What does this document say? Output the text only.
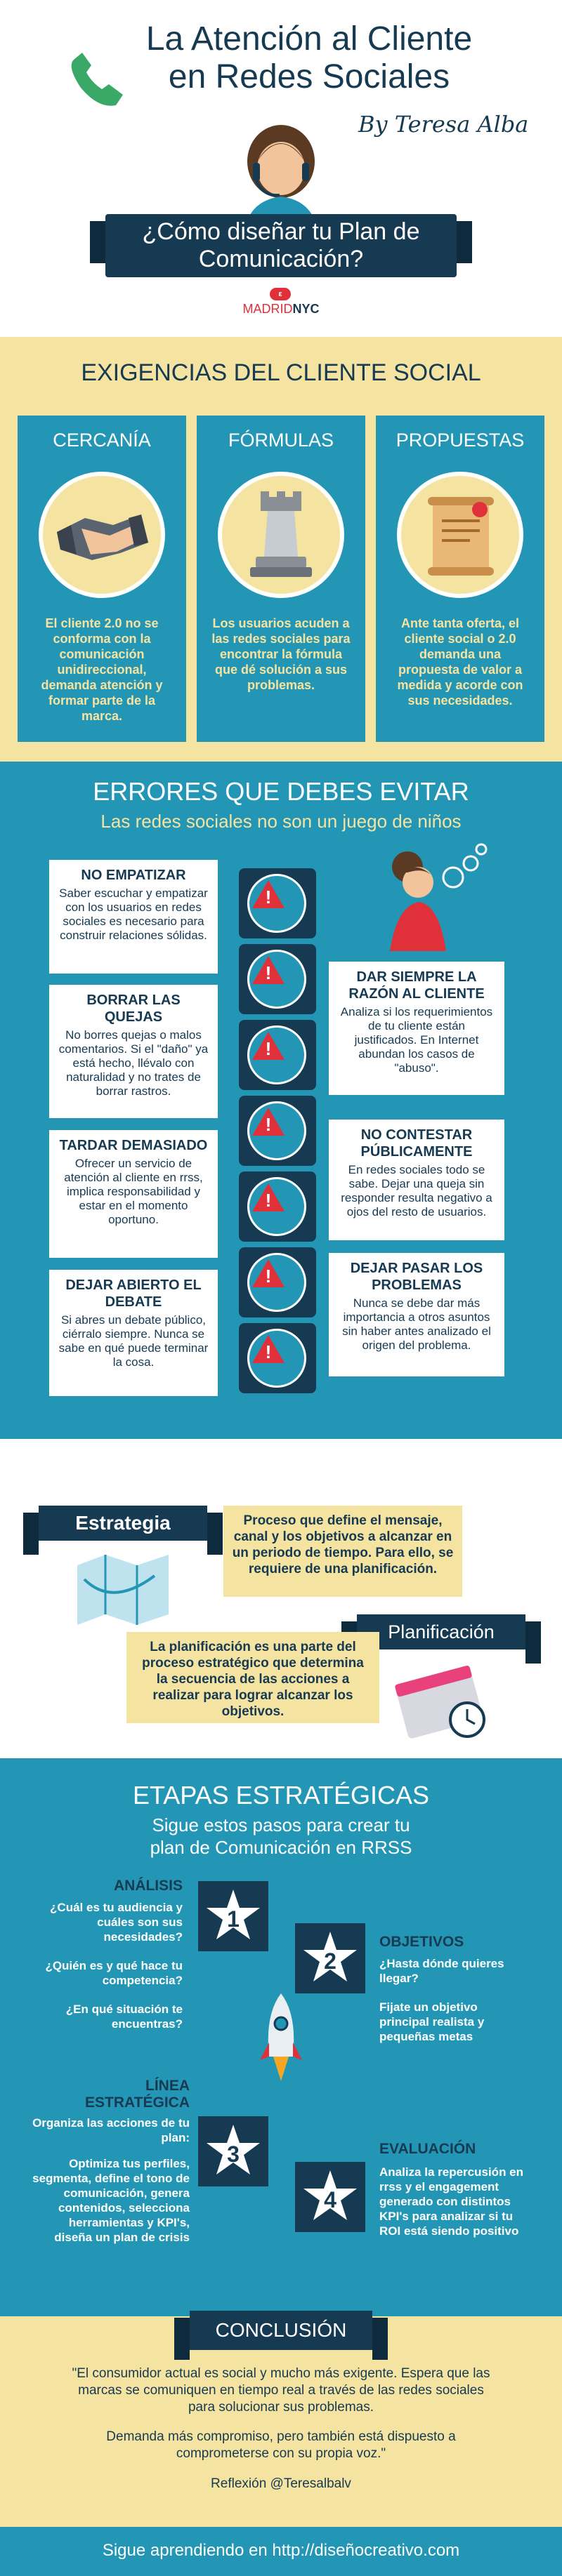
La Atención al Cliente
en Redes Sociales
By Teresa Alba
¿Cómo diseñar tu Plan de
Comunicación?
ε
MADRIDNYC
EXIGENCIAS DEL CLIENTE SOCIAL
CERCANÍA
El cliente 2.0 no se conforma con la comunicación unidireccional, demanda atención y formar parte de la marca.
FÓRMULAS
Los usuarios acuden a las redes sociales para encontrar la fórmula que dé solución a sus problemas.
PROPUESTAS
Ante tanta oferta, el cliente social o 2.0 demanda una propuesta de valor a medida y acorde con sus necesidades.
ERRORES QUE DEBES EVITAR
Las redes sociales no son un juego de niños
NO EMPATIZAR
Saber escuchar y empatizar con los usuarios en redes sociales es necesario para construir relaciones sólidas.
BORRAR LAS QUEJAS
No borres quejas o malos comentarios. Si el "daño" ya está hecho, llévalo con naturalidad y no trates de borrar rastros.
TARDAR DEMASIADO
Ofrecer un servicio de atención al cliente en rrss, implica responsabilidad y estar en el momento oportuno.
DEJAR ABIERTO EL DEBATE
Si abres un debate público, ciérralo siempre. Nunca se sabe en qué puede terminar la cosa.
DAR SIEMPRE LA RAZÓN AL CLIENTE
Analiza si los requerimientos de tu cliente están justificados. En Internet abundan los casos de "abuso".
NO CONTESTAR PÚBLICAMENTE
En redes sociales todo se sabe. Dejar una queja sin responder resulta negativo a ojos del resto de usuarios.
DEJAR PASAR LOS PROBLEMAS
Nunca se debe dar más importancia a otros asuntos sin haber antes analizado el origen del problema.
!
!
!
!
!
!
!
Estrategia	Proceso que define el mensaje, canal y los objetivos a alcanzar en un periodo de tiempo. Para ello, se requiere de una planificación.
Planificación
La planificación es una parte del proceso estratégico que determina la secuencia de las acciones a realizar para lograr alcanzar los objetivos.
ETAPAS ESTRATÉGICAS
Sigue estos pasos para crear tu
plan de Comunicación en RRSS
ANÁLISIS
¿Cuál es tu audiencia y cuáles son sus necesidades?
¿Quién es y qué hace tu competencia?
¿En qué situación te encuentras?
1
2
OBJETIVOS
¿Hasta dónde quieres llegar?
Fijate un objetivo principal realista y pequeñas metas
LÍNEA
ESTRATÉGICA
Organiza las acciones de tu plan:
Optimiza tus perfiles, segmenta, define el tono de comunicación, genera contenidos, selecciona herramientas y KPI's, diseña un plan de crisis
3
4
EVALUACIÓN
Analiza la repercusión en rrss y el engagement generado con distintos KPI's para analizar si tu ROI está siendo positivo
CONCLUSIÓN
"El consumidor actual es social y mucho más exigente. Espera que las marcas se comuniquen en tiempo real a través de las redes sociales para solucionar sus problemas.
Demanda más compromiso, pero también está dispuesto a comprometerse con su propia voz."
Reflexión @Teresalbalv
Sigue aprendiendo en http://diseñocreativo.com
